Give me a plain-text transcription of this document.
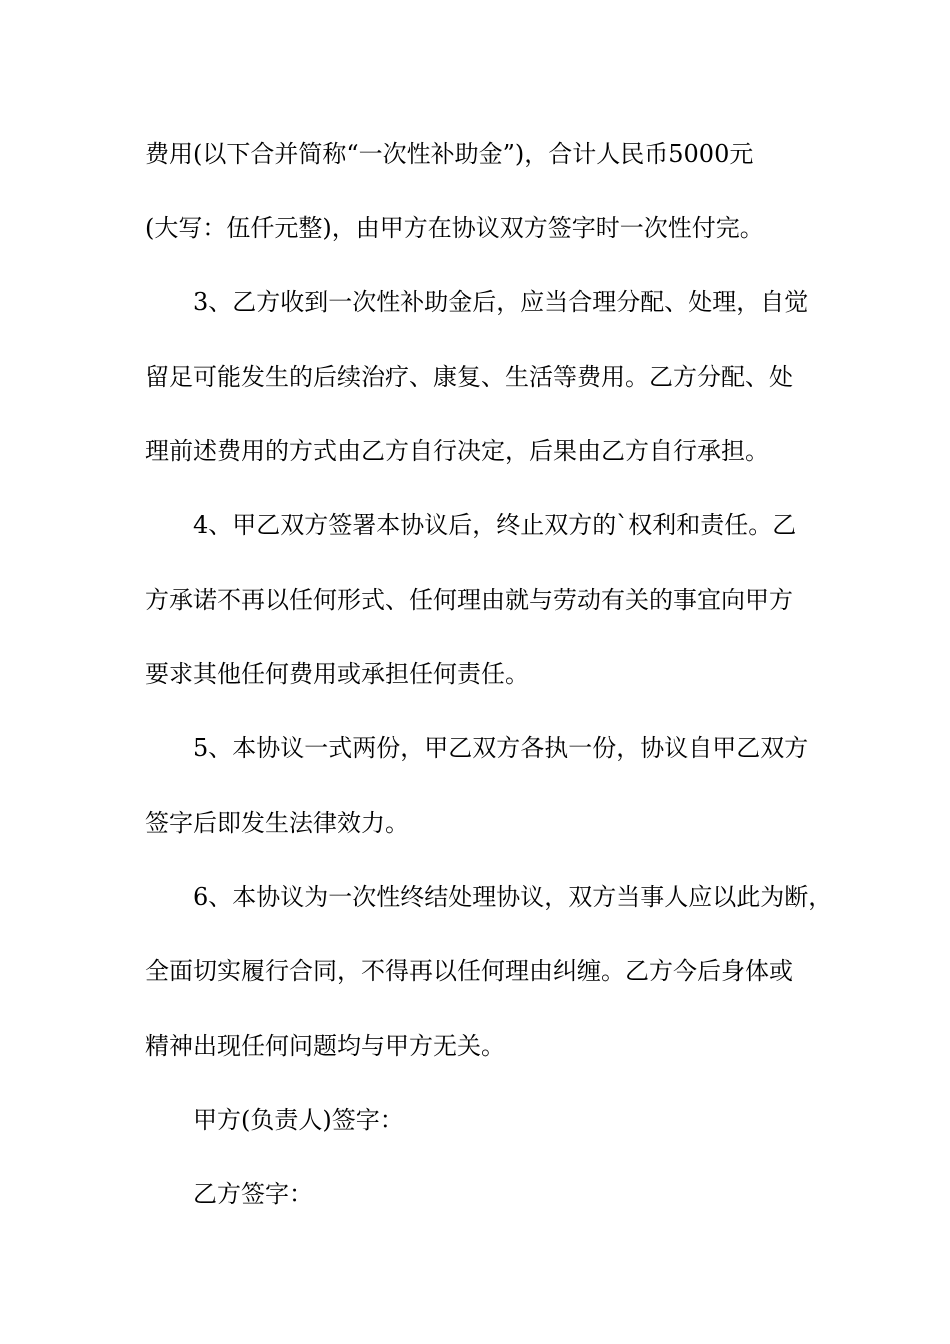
费用(以下合并简称“一次性补助金”)，合计人民币5000元
(大写：伍仟元整)，由甲方在协议双方签字时一次性付完。
3、乙方收到一次性补助金后，应当合理分配、处理，自觉
留足可能发生的后续治疗、康复、生活等费用。乙方分配、处
理前述费用的方式由乙方自行决定，后果由乙方自行承担。
4、甲乙双方签署本协议后，终止双方的`权利和责任。乙
方承诺不再以任何形式、任何理由就与劳动有关的事宜向甲方
要求其他任何费用或承担任何责任。
5、本协议一式两份，甲乙双方各执一份，协议自甲乙双方
签字后即发生法律效力。
6、本协议为一次性终结处理协议，双方当事人应以此为断，
全面切实履行合同，不得再以任何理由纠缠。乙方今后身体或
精神出现任何问题均与甲方无关。
甲方(负责人)签字：
乙方签字：
